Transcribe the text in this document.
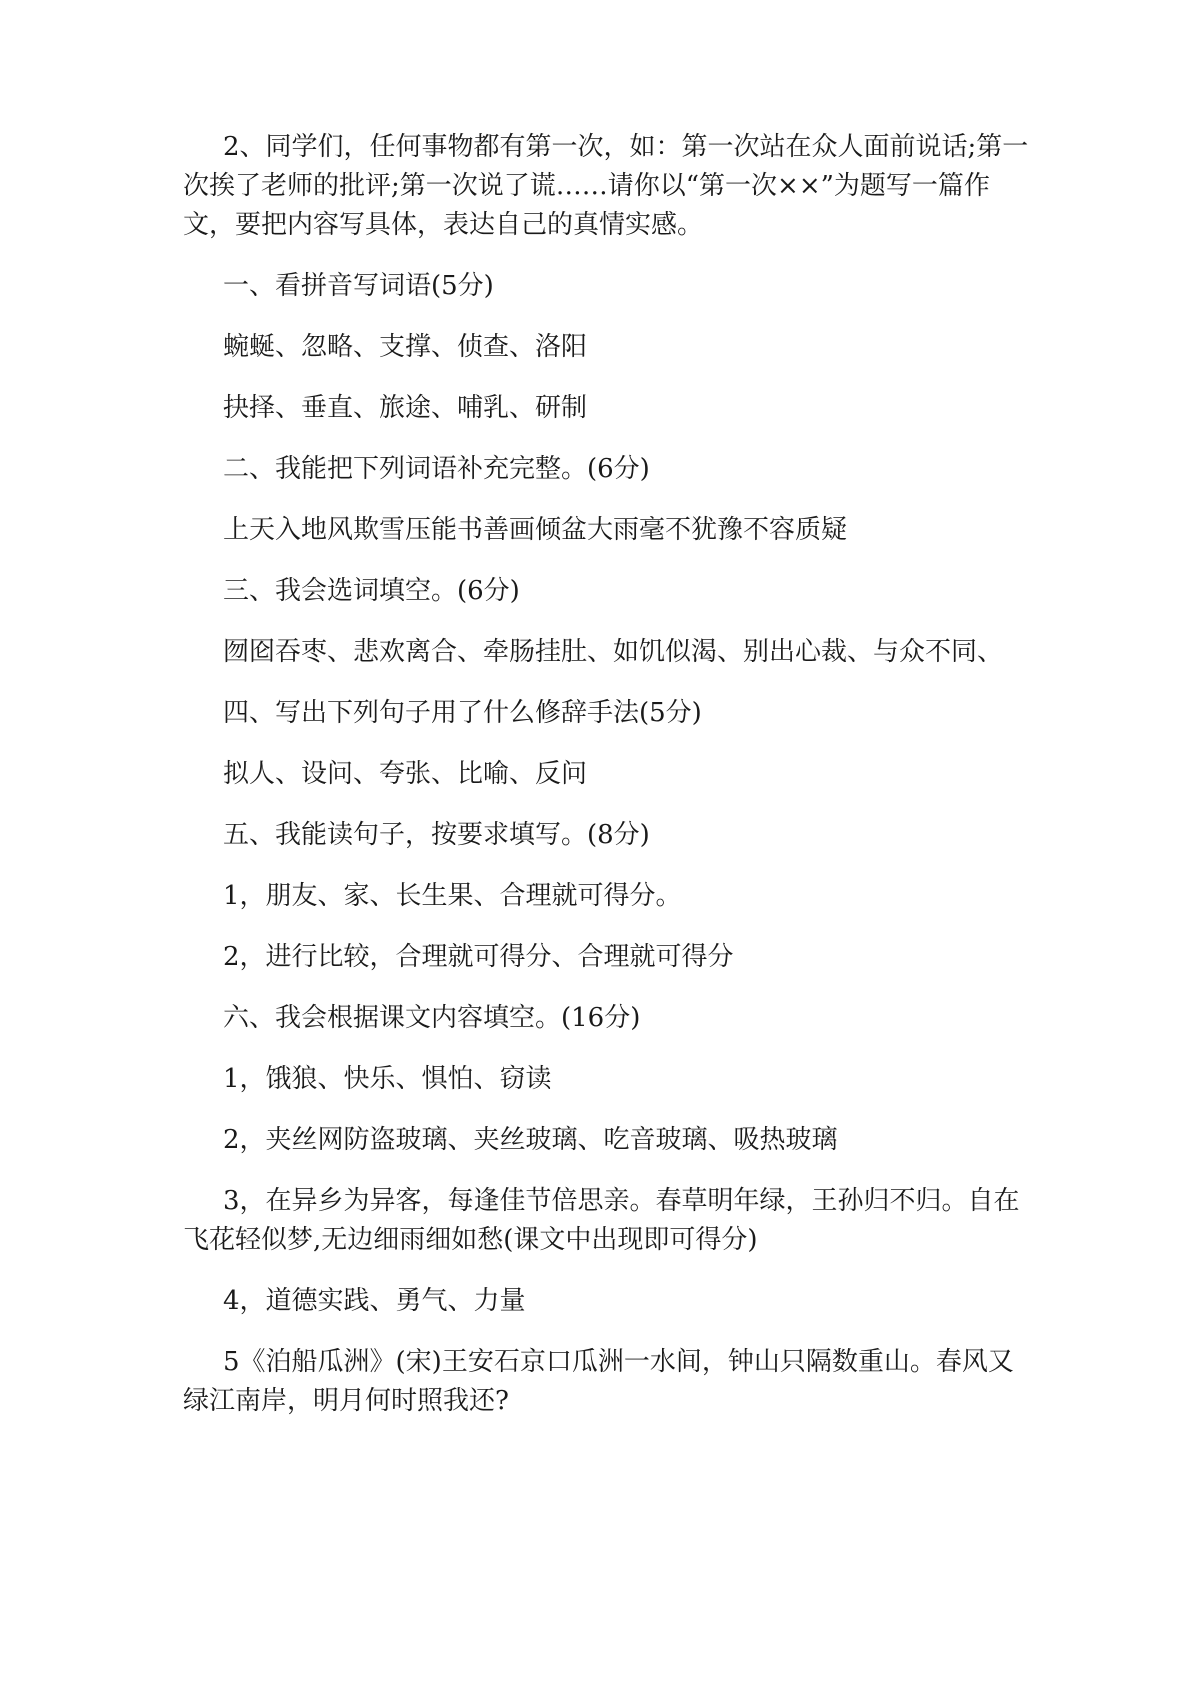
2、同学们，任何事物都有第一次，如：第一次站在众人面前说话;第一次挨了老师的批评;第一次说了谎……请你以“第一次××”为题写一篇作文，要把内容写具体，表达自己的真情实感。

一、看拼音写词语(5分)

蜿蜒、忽略、支撑、侦查、洛阳

抉择、垂直、旅途、哺乳、研制

二、我能把下列词语补充完整。(6分)

上天入地风欺雪压能书善画倾盆大雨毫不犹豫不容质疑

三、我会选词填空。(6分)

囫囵吞枣、悲欢离合、牵肠挂肚、如饥似渴、别出心裁、与众不同、

四、写出下列句子用了什么修辞手法(5分)

拟人、设问、夸张、比喻、反问

五、我能读句子，按要求填写。(8分)

1，朋友、家、长生果、合理就可得分。

2，进行比较，合理就可得分、合理就可得分

六、我会根据课文内容填空。(16分)

1，饿狼、快乐、惧怕、窃读

2，夹丝网防盗玻璃、夹丝玻璃、吃音玻璃、吸热玻璃

3，在异乡为异客，每逢佳节倍思亲。春草明年绿，王孙归不归。自在飞花轻似梦,无边细雨细如愁(课文中出现即可得分)

4，道德实践、勇气、力量

5《泊船瓜洲》(宋)王安石京口瓜洲一水间，钟山只隔数重山。春风又绿江南岸，明月何时照我还?
